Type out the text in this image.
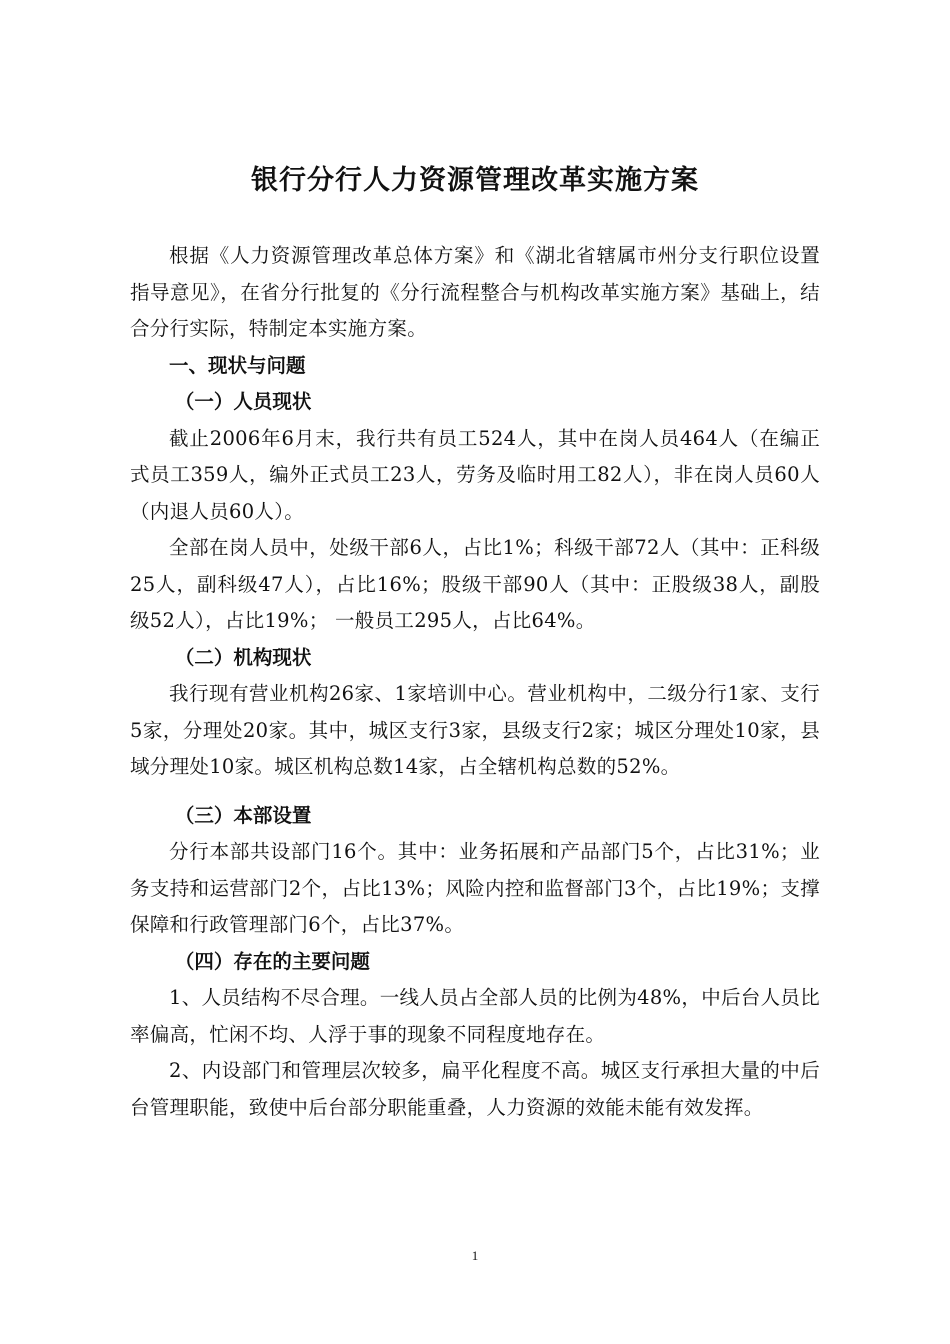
银行分行人力资源管理改革实施方案

根据《人力资源管理改革总体方案》和《湖北省辖属市州分支行职位设置指导意见》，在省分行批复的《分行流程整合与机构改革实施方案》基础上，结合分行实际，特制定本实施方案。

一、现状与问题

（一）人员现状

截止2006年6月末，我行共有员工524人，其中在岗人员464人（在编正式员工359人，编外正式员工23人，劳务及临时用工82人），非在岗人员60人（内退人员60人）。

全部在岗人员中，处级干部6人，占比1%；科级干部72人（其中：正科级25人，副科级47人），占比16%；股级干部90人（其中：正股级38人，副股级52人），占比19%； 一般员工295人，占比64%。

（二）机构现状

我行现有营业机构26家、1家培训中心。营业机构中，二级分行1家、支行5家，分理处20家。其中，城区支行3家，县级支行2家；城区分理处10家，县域分理处10家。城区机构总数14家，占全辖机构总数的52%。

（三）本部设置

分行本部共设部门16个。其中：业务拓展和产品部门5个，占比31%；业务支持和运营部门2个，占比13%；风险内控和监督部门3个，占比19%；支撑保障和行政管理部门6个，占比37%。

（四）存在的主要问题

1、人员结构不尽合理。一线人员占全部人员的比例为48%，中后台人员比率偏高，忙闲不均、人浮于事的现象不同程度地存在。

2、内设部门和管理层次较多，扁平化程度不高。城区支行承担大量的中后台管理职能，致使中后台部分职能重叠，人力资源的效能未能有效发挥。

1
